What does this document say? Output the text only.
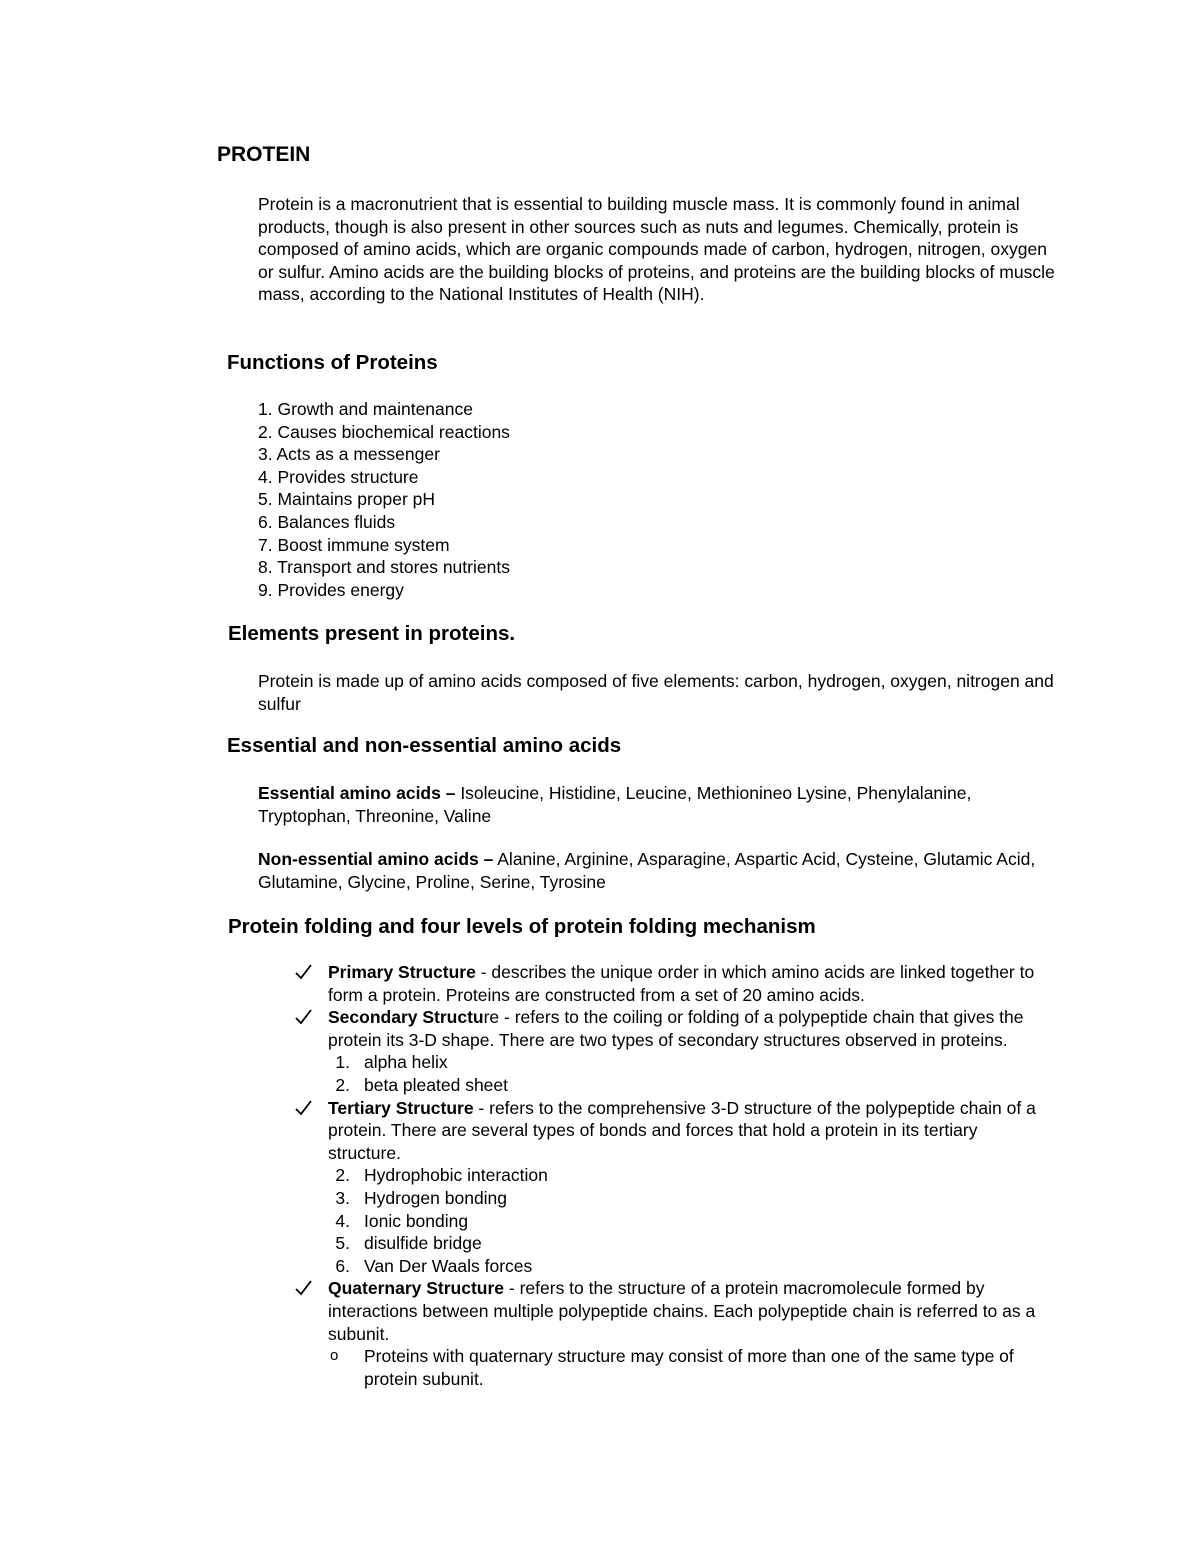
PROTEIN

Protein is a macronutrient that is essential to building muscle mass. It is commonly found in animal products, though is also present in other sources such as nuts and legumes. Chemically, protein is composed of amino acids, which are organic compounds made of carbon, hydrogen, nitrogen, oxygen or sulfur. Amino acids are the building blocks of proteins, and proteins are the building blocks of muscle mass, according to the National Institutes of Health (NIH).

Functions of Proteins
1. Growth and maintenance
2. Causes biochemical reactions
3. Acts as a messenger
4. Provides structure
5. Maintains proper pH
6. Balances fluids
7. Boost immune system
8. Transport and stores nutrients
9. Provides energy
Elements present in proteins.

Protein is made up of amino acids composed of five elements: carbon, hydrogen, oxygen, nitrogen and sulfur

Essential and non-essential amino acids

Essential amino acids – Isoleucine, Histidine, Leucine, Methionineo Lysine, Phenylalanine, Tryptophan, Threonine, Valine

Non-essential amino acids – Alanine, Arginine, Asparagine, Aspartic Acid, Cysteine, Glutamic Acid, Glutamine, Glycine, Proline, Serine, Tyrosine

Protein folding and four levels of protein folding mechanism
Primary Structure - describes the unique order in which amino acids are linked together to form a protein. Proteins are constructed from a set of 20 amino acids.
Secondary Structure - refers to the coiling or folding of a polypeptide chain that gives the protein its 3-D shape. There are two types of secondary structures observed in proteins.
1. alpha helix
2. beta pleated sheet
Tertiary Structure - refers to the comprehensive 3-D structure of the polypeptide chain of a protein. There are several types of bonds and forces that hold a protein in its tertiary structure.
2. Hydrophobic interaction
3. Hydrogen bonding
4. Ionic bonding
5. disulfide bridge
6. Van Der Waals forces
Quaternary Structure - refers to the structure of a protein macromolecule formed by interactions between multiple polypeptide chains. Each polypeptide chain is referred to as a subunit.
o Proteins with quaternary structure may consist of more than one of the same type of protein subunit.
